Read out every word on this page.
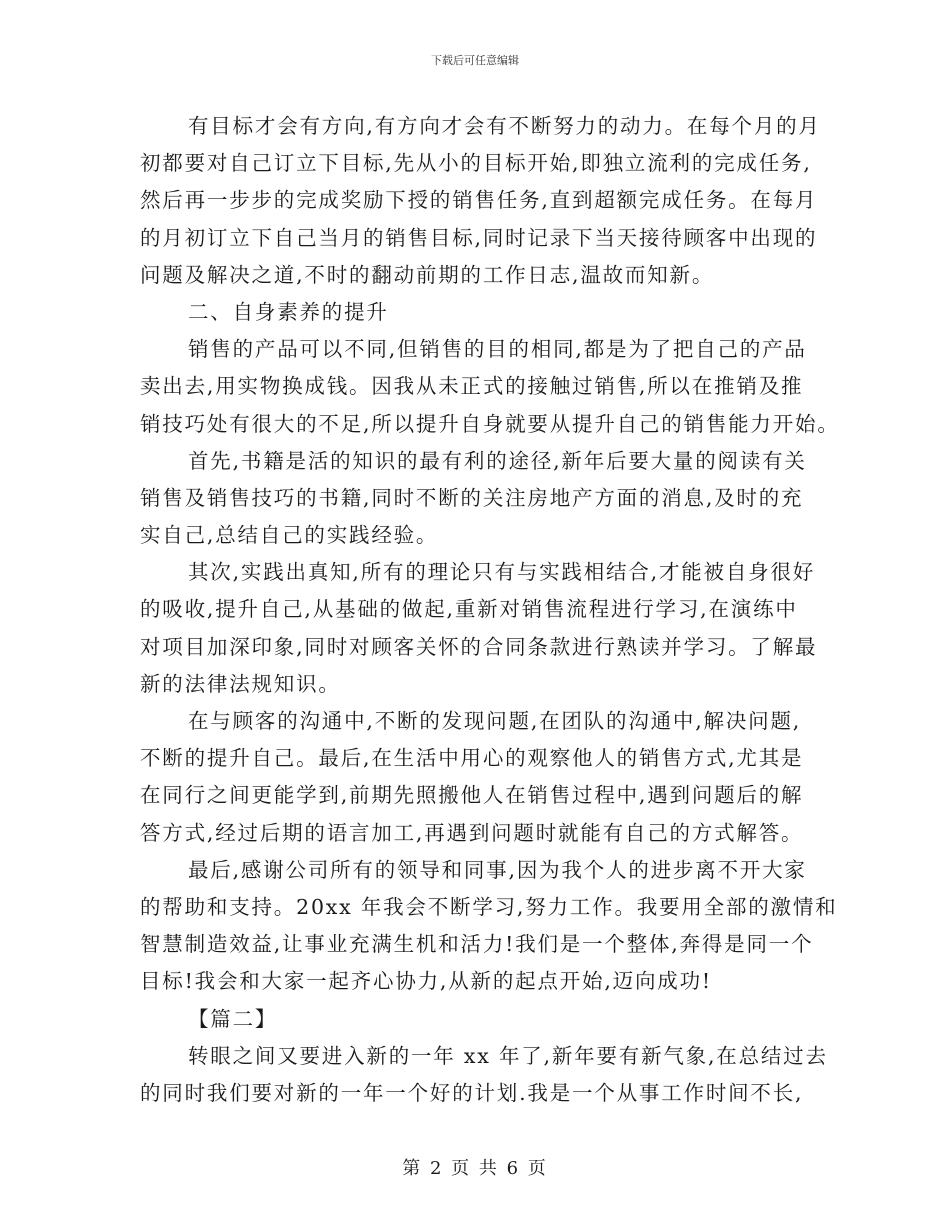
下载后可任意编辑
有目标才会有方向,有方向才会有不断努力的动力。在每个月的月
初都要对自己订立下目标,先从小的目标开始,即独立流利的完成任务,
然后再一步步的完成奖励下授的销售任务,直到超额完成任务。在每月
的月初订立下自己当月的销售目标,同时记录下当天接待顾客中出现的
问题及解决之道,不时的翻动前期的工作日志,温故而知新。
二、自身素养的提升
销售的产品可以不同,但销售的目的相同,都是为了把自己的产品
卖出去,用实物换成钱。因我从未正式的接触过销售,所以在推销及推
销技巧处有很大的不足,所以提升自身就要从提升自己的销售能力开始。
首先,书籍是活的知识的最有利的途径,新年后要大量的阅读有关
销售及销售技巧的书籍,同时不断的关注房地产方面的消息,及时的充
实自己,总结自己的实践经验。
其次,实践出真知,所有的理论只有与实践相结合,才能被自身很好
的吸收,提升自己,从基础的做起,重新对销售流程进行学习,在演练中
对项目加深印象,同时对顾客关怀的合同条款进行熟读并学习。了解最
新的法律法规知识。
在与顾客的沟通中,不断的发现问题,在团队的沟通中,解决问题,
不断的提升自己。最后,在生活中用心的观察他人的销售方式,尤其是
在同行之间更能学到,前期先照搬他人在销售过程中,遇到问题后的解
答方式,经过后期的语言加工,再遇到问题时就能有自己的方式解答。
最后,感谢公司所有的领导和同事,因为我个人的进步离不开大家
的帮助和支持。20xx 年我会不断学习,努力工作。我要用全部的激情和
智慧制造效益,让事业充满生机和活力!我们是一个整体,奔得是同一个
目标!我会和大家一起齐心协力,从新的起点开始,迈向成功!
【篇二】
转眼之间又要进入新的一年 xx 年了,新年要有新气象,在总结过去
的同时我们要对新的一年一个好的计划.我是一个从事工作时间不长,
第 2 页 共 6 页
